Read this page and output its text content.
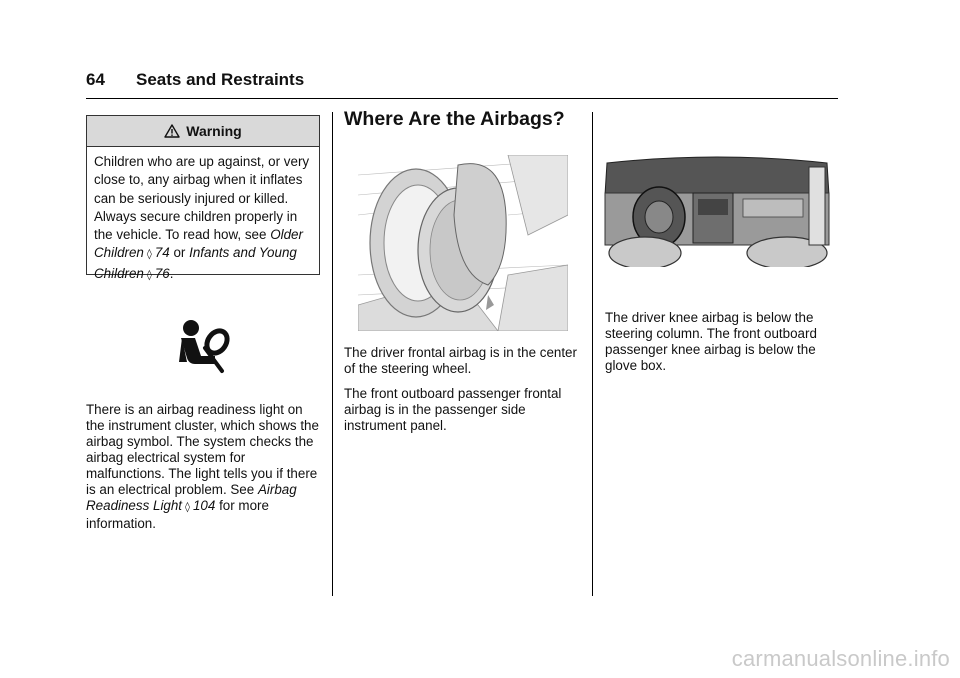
64 Seats and Restraints
Warning
Children who are up against, or very close to, any airbag when it inflates can be seriously injured or killed. Always secure children properly in the vehicle. To read how, see Older Children ◊ 74 or Infants and Young Children ◊ 76.

There is an airbag readiness light on the instrument cluster, which shows the airbag symbol. The system checks the airbag electrical system for malfunctions. The light tells you if there is an electrical problem. See Airbag Readiness Light ◊ 104 for more information.

Where Are the Airbags?

The driver frontal airbag is in the center of the steering wheel.

The front outboard passenger frontal airbag is in the passenger side instrument panel.

The driver knee airbag is below the steering column. The front outboard passenger knee airbag is below the glove box.

carmanualsonline.info
